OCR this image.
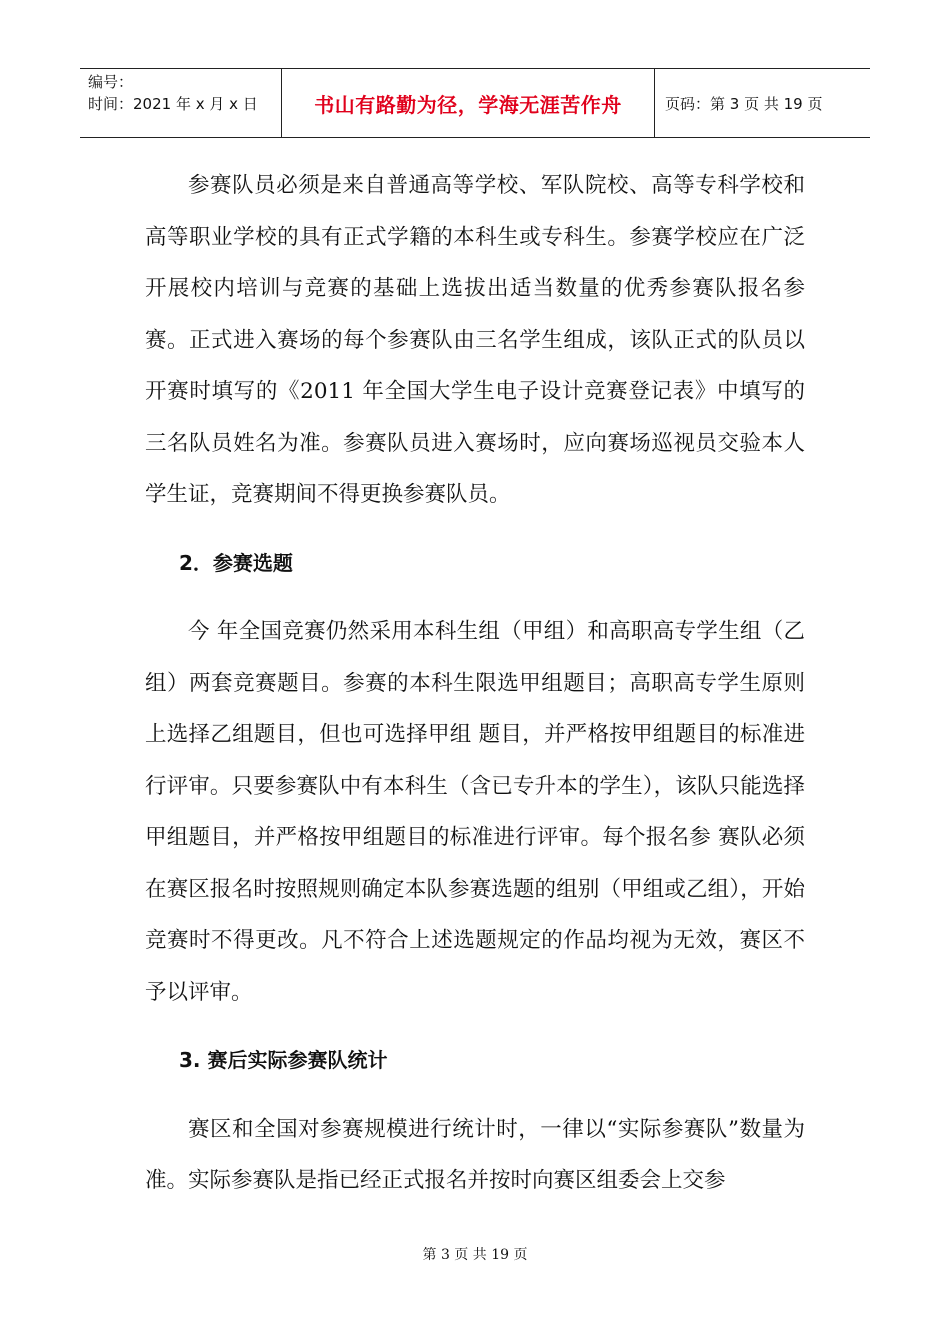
编号：
时间：2021 年 x 月 x 日	书山有路勤为径，学海无涯苦作舟	页码：第 3 页 共 19 页

参赛队员必须是来自普通高等学校、军队院校、高等专科学校和高等职业学校的具有正式学籍的本科生或专科生。参赛学校应在广泛开展校内培训与竞赛的基础上选拔出适当数量的优秀参赛队报名参赛。正式进入赛场的每个参赛队由三名学生组成，该队正式的队员以开赛时填写的《2011 年全国大学生电子设计竞赛登记表》中填写的三名队员姓名为准。参赛队员进入赛场时，应向赛场巡视员交验本人学生证，竞赛期间不得更换参赛队员。

2．参赛选题

今 年全国竞赛仍然采用本科生组（甲组）和高职高专学生组（乙组）两套竞赛题目。参赛的本科生限选甲组题目；高职高专学生原则上选择乙组题目，但也可选择甲组 题目，并严格按甲组题目的标准进行评审。只要参赛队中有本科生（含已专升本的学生），该队只能选择甲组题目，并严格按甲组题目的标准进行评审。每个报名参 赛队必须在赛区报名时按照规则确定本队参赛选题的组别（甲组或乙组），开始竞赛时不得更改。凡不符合上述选题规定的作品均视为无效，赛区不予以评审。

3. 赛后实际参赛队统计

赛区和全国对参赛规模进行统计时，一律以“实际参赛队”数量为准。实际参赛队是指已经正式报名并按时向赛区组委会上交参

第 3 页 共 19 页
